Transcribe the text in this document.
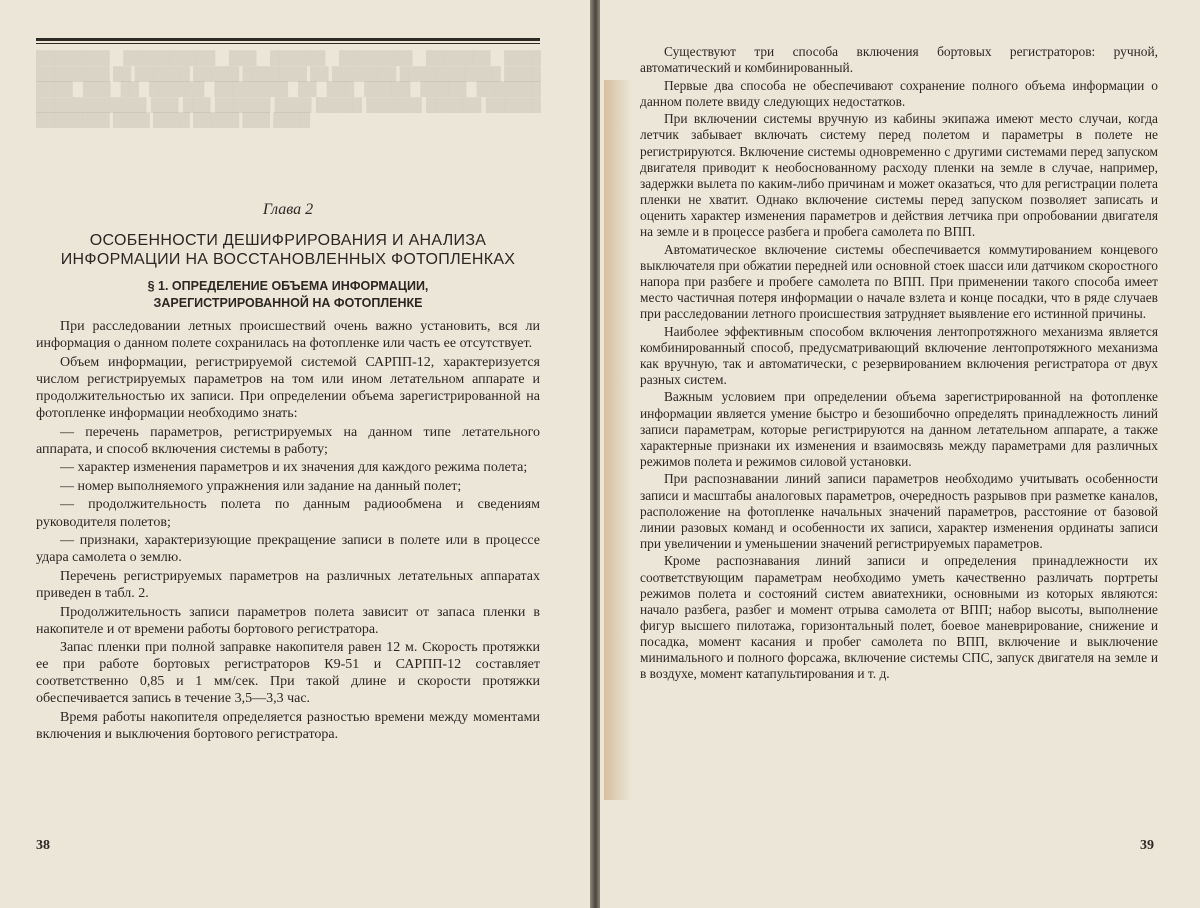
████████ ██████████ ███ ██████ ████████ ███████ ████ ████████ ██ ██████ █████ ███████ ██ ███████ ███████████ ████ ████ ███ ██ ██████ ████████ ██ ███ █████ █████ ███████ ████████████ ███ ███ ██████ ████ █████ ██████ ██████ ██████ ████████ ████ ████ █████ ███ ████

Глава 2

ОСОБЕННОСТИ ДЕШИФРИРОВАНИЯ И АНАЛИЗА
ИНФОРМАЦИИ НА ВОССТАНОВЛЕННЫХ ФОТОПЛЕНКАХ

§ 1. ОПРЕДЕЛЕНИЕ ОБЪЕМА ИНФОРМАЦИИ,
ЗАРЕГИСТРИРОВАННОЙ НА ФОТОПЛЕНКЕ

При расследовании летных происшествий очень важно установить, вся ли информация о данном полете сохранилась на фотопленке или часть ее отсутствует.

Объем информации, регистрируемой системой САРПП-12, характеризуется числом регистрируемых параметров на том или ином летательном аппарате и продолжительностью их записи. При определении объема зарегистрированной на фотопленке информации необходимо знать:

— перечень параметров, регистрируемых на данном типе летательного аппарата, и способ включения системы в работу;

— характер изменения параметров и их значения для каждого режима полета;

— номер выполняемого упражнения или задание на данный полет;

— продолжительность полета по данным радиообмена и сведениям руководителя полетов;

— признаки, характеризующие прекращение записи в полете или в процессе удара самолета о землю.

Перечень регистрируемых параметров на различных летательных аппаратах приведен в табл. 2.

Продолжительность записи параметров полета зависит от запаса пленки в накопителе и от времени работы бортового регистратора.

Запас пленки при полной заправке накопителя равен 12 м. Скорость протяжки ее при работе бортовых регистраторов К9-51 и САРПП-12 составляет соответственно 0,85 и 1 мм/сек. При такой длине и скорости протяжки обеспечивается запись в течение 3,5—3,3 час.

Время работы накопителя определяется разностью времени между моментами включения и выключения бортового регистратора.

38

Существуют три способа включения бортовых регистраторов: ручной, автоматический и комбинированный.

Первые два способа не обеспечивают сохранение полного объема информации о данном полете ввиду следующих недостатков.

При включении системы вручную из кабины экипажа имеют место случаи, когда летчик забывает включать систему перед полетом и параметры в полете не регистрируются. Включение системы одновременно с другими системами перед запуском двигателя приводит к необоснованному расходу пленки на земле в случае, например, задержки вылета по каким-либо причинам и может оказаться, что для регистрации полета пленки не хватит. Однако включение системы перед запуском позволяет записать и оценить характер изменения параметров и действия летчика при опробовании двигателя на земле и в процессе разбега и пробега самолета по ВПП.

Автоматическое включение системы обеспечивается коммутированием концевого выключателя при обжатии передней или основной стоек шасси или датчиком скоростного напора при разбеге и пробеге самолета по ВПП. При применении такого способа имеет место частичная потеря информации о начале взлета и конце посадки, что в ряде случаев при расследовании летного происшествия затрудняет выявление его истинной причины.

Наиболее эффективным способом включения лентопротяжного механизма является комбинированный способ, предусматривающий включение лентопротяжного механизма как вручную, так и автоматически, с резервированием включения регистратора от двух разных систем.

Важным условием при определении объема зарегистрированной на фотопленке информации является умение быстро и безошибочно определять принадлежность линий записи параметрам, которые регистрируются на данном летательном аппарате, а также характерные признаки их изменения и взаимосвязь между параметрами для различных режимов полета и режимов силовой установки.

При распознавании линий записи параметров необходимо учитывать особенности записи и масштабы аналоговых параметров, очередность разрывов при разметке каналов, расположение на фотопленке начальных значений параметров, расстояние от базовой линии разовых команд и особенности их записи, характер изменения ординаты записи при увеличении и уменьшении значений регистрируемых параметров.

Кроме распознавания линий записи и определения принадлежности их соответствующим параметрам необходимо уметь качественно различать портреты режимов полета и состояний систем авиатехники, основными из которых являются: начало разбега, разбег и момент отрыва самолета от ВПП; набор высоты, выполнение фигур высшего пилотажа, горизонтальный полет, боевое маневрирование, снижение и посадка, момент касания и пробег самолета по ВПП, включение и выключение минимального и полного форсажа, включение системы СПС, запуск двигателя на земле и в воздухе, момент катапультирования и т. д.

39
